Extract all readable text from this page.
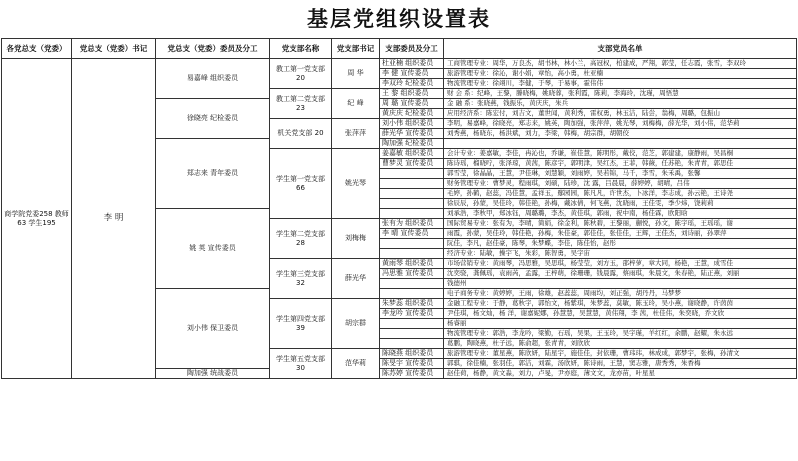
基层党组织设置表
各党总支（党委）	党总支（党委）书记	党总支（党委）委员及分工	党支部名称	党支部书记	支部委员及分工	支部党员名单
商学院党委258 教师63 学生195	李 明	易嘉峰 组织委员	教工第一党支部 20	周 华	杜亚楠 组织委员	工商管理专业：周华，万良杰，胡书林，林小兰，高冠权，柏建成，严翔，郭莹，任志霞，张雪，李双玲
					李 健 宣传委员	旅游管理专业：徐沁，谢小娟，章怡，高小勇，杜亚楠
					李双玲 纪检委员	物流管理专业：徐翊川，李健，于琴，于易事，霍伟伟
			教工第二党支部 23	纪 峰	王 黎 组织委员	财 会 系：纪峰，王黎，滕晓梅，姚晓蓉，张利霞，陈莉，李海玲，沈瑾，周悟慧
		徐晓亮 纪检委员			周 璐 宣传委员	金 融 系：张晓燕，钱振乐，黄庆庆，朱兵
					黄庆庆 纪检委员	应用经济系：陈宏付，刘吉文，董世闻，黄利秀，雷权勇，林玉洁，陆尝，翁梅，周璐，包振山
			机关党支部 20	张萍萍	刘小伟 组织委员	李明，易嘉峰，徐晓亮，郑志来，姚英，陶加强，张萍萍，姚光琴，刘梅梅，薛光华，刘小伟，范华莉
					薛光华 宣传委员	刘秀燕，杨晓东，杨洪斌，刘力，李梁，韩梅，胡宗群，胡朝佼
		郑志来 青年委员			陶加强 纪检委员	
			学生第一党支部 66	姚光琴	姜嘉敏 组织委员	会计专业：姜嘉敏，李佳，冉沁也，乔谦，崔佳慧，陈明彤，戴佼，范芝，郭建建，康静雨，吴昌桐
					曹梦灵 宣传委员	陈诗瑶，榴晓咛，张泽琼，黄茜，陈彦宇，郭明津，吴红杰，王菲，韩薇，任苏艳，朱青青，郭思佳
						郭雪莹，徐晶晶，王慧，尹佳琳，刘慧颖，刘雨婷，吴若锦，马千，李雪，朱禾禹，张馨
						财务管理专业：曹梦灵，程雨琪，刘硕，陆珍，沈 露，吕晨晨，薛婷婷，胡晴，吕伟
						毛婷，孙鹤，赵蕊，冯佳慧，孟祥玉，鄢园园，陈凡凡，许世杰，卜冰洋，李志成，孙云艳，王诗尧
						徐辰辰，孙蒙，吴佳玲，韩佳艳，孙梅，戴冰倩，何飞燕，沈晓雨，王佳雯，季少炜，饶莉莉
		姚 英 宣传委员				刘承浩，李秋甲，郑冰钰，周璐璐，李杰，黄佳琪，郭雨，祝中南，杨佳霖，欧阳晗
			学生第二党支部 28	刘梅梅	张有为 组织委员	国际贸易专业：张有为，李晴，简娟，徐金利，陈秋碧，王黎丽，蒯悦，孙文，陈宇瑶，王瑶瑶，谢
					李 晴 宣传委员	雨霞，孙蒙，吴佳玲，韩佳艳，孙梅，朱佳豪，郭佳佳，张佳佳，王辉，王佳杰，刘诗丽，孙翠萍
						阮佳，李凡，赵佳豪，陈琴，朱梦蝶，李佳，陈佳怡，赵彤
						经济专业：陆敏，操宇飞，朱彩，陈智勇，吴宇宙
			学生第三党支部 32	薛光华	黄雨琴 组织委员	市场营销专业：黄雨琴，冯思雅，吴思琪，杨莹莹，刘方玉，邵梓萝，章大同，杨艳，王慧，成雪佳
					冯思雅 宣传委员	沈奕骁，龚佩瑶，袁雨芮，孟露，王梓萌，徐珊珊，钱晨露，蔡雨琪，朱晨文，朱春艳，陆正燕，刘丽
						钱德州
		刘小伟 保卫委员				电子商务专业：黄婷婷，王雨，徐雄，赵蕊蕊，周雨均，刘正强，胡丹丹，马梦梦
			学生第四党支部 39	胡宗群	朱梦蕊 组织委员	金融工程专业：于静，葛秋宇，郭怡文，杨紫琪，朱梦蕊，莫敏，陈玉玲，吴小燕，谢晓静，许茵茵
					李龙吟 宣传委员	尹佳琪，杨文灿，杨 洋，谢嘉妮娜，孙慧慧，吴慧慧，黄伟翔，李 茜，杜佳伟，朱奕晓，乔文欣
						杨睿丽
						物流管理专业：郭浩，李龙吟，梁勤，石瑶，吴果，王玉玲，吴宇瑾，羊红红，余鹏，赵耀，朱永远
						葛鹏，陶晓燕，杜子远，陈俞超，张青青，刘欣欣
			学生第五党支部 30	范华莉	陈晓燕 组织委员	旅游管理专业：董星燕，陈欣妍，陆星宇，施佳佳，封依珊，曹玮玮，林成成，郭梦宇，张梅，孙清文
					陈旻宇 宣传委员	郭骐，徐佳楠，张羽佳，郭洁，刘霖，汤欣妍，陈诗雨，王慧，窦志雅，唐秀秀，朱香梅
		陶加强 统战委员			陈苏婷 宣传委员	赵佳荷，杨静，黄文淼，刘力，卢旻，尹亦庭，薄文文，龙亦苗，叶星星
